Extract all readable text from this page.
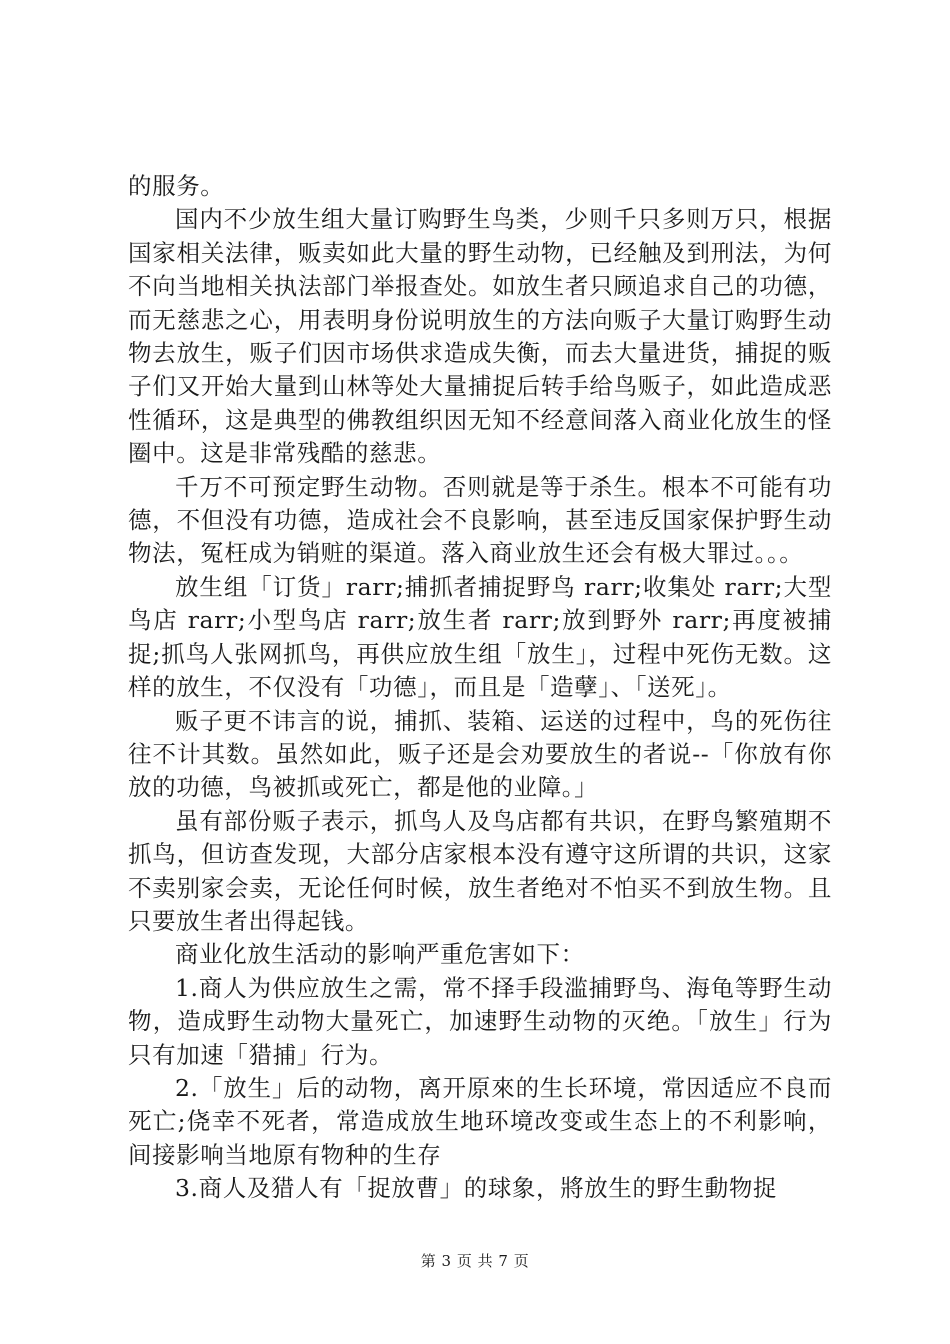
的服务。

国内不少放生组大量订购野生鸟类，少则千只多则万只，根据国家相关法律，贩卖如此大量的野生动物，已经触及到刑法，为何不向当地相关执法部门举报查处。如放生者只顾追求自己的功德，而无慈悲之心，用表明身份说明放生的方法向贩子大量订购野生动物去放生，贩子们因市场供求造成失衡，而去大量进货，捕捉的贩子们又开始大量到山林等处大量捕捉后转手给鸟贩子，如此造成恶性循环，这是典型的佛教组织因无知不经意间落入商业化放生的怪圈中。这是非常残酷的慈悲。

千万不可预定野生动物。否则就是等于杀生。根本不可能有功德，不但没有功德，造成社会不良影响，甚至违反国家保护野生动物法，冤枉成为销赃的渠道。落入商业放生还会有极大罪过。。。

放生组「订货」rarr;捕抓者捕捉野鸟 rarr;收集处 rarr;大型鸟店 rarr;小型鸟店 rarr;放生者 rarr;放到野外 rarr;再度被捕捉;抓鸟人张网抓鸟，再供应放生组「放生」，过程中死伤无数。这样的放生，不仅没有「功德」，而且是「造孽」、「送死」。

贩子更不讳言的说，捕抓、装箱、运送的过程中，鸟的死伤往往不计其数。虽然如此，贩子还是会劝要放生的者说--「你放有你放的功德，鸟被抓或死亡，都是他的业障。」

虽有部份贩子表示，抓鸟人及鸟店都有共识，在野鸟繁殖期不抓鸟，但访查发现，大部分店家根本没有遵守这所谓的共识，这家不卖别家会卖，无论任何时候，放生者绝对不怕买不到放生物。且只要放生者出得起钱。

商业化放生活动的影响严重危害如下：

1.商人为供应放生之需，常不择手段滥捕野鸟、海龟等野生动物，造成野生动物大量死亡，加速野生动物的灭绝。「放生」行为只有加速「猎捕」行为。

2.「放生」后的动物，离开原來的生长环境，常因适应不良而死亡;侥幸不死者，常造成放生地环境改变或生态上的不利影响，间接影响当地原有物种的生存

3.商人及猎人有「捉放曹」的球象，將放生的野生動物捉

第 3 页 共 7 页
